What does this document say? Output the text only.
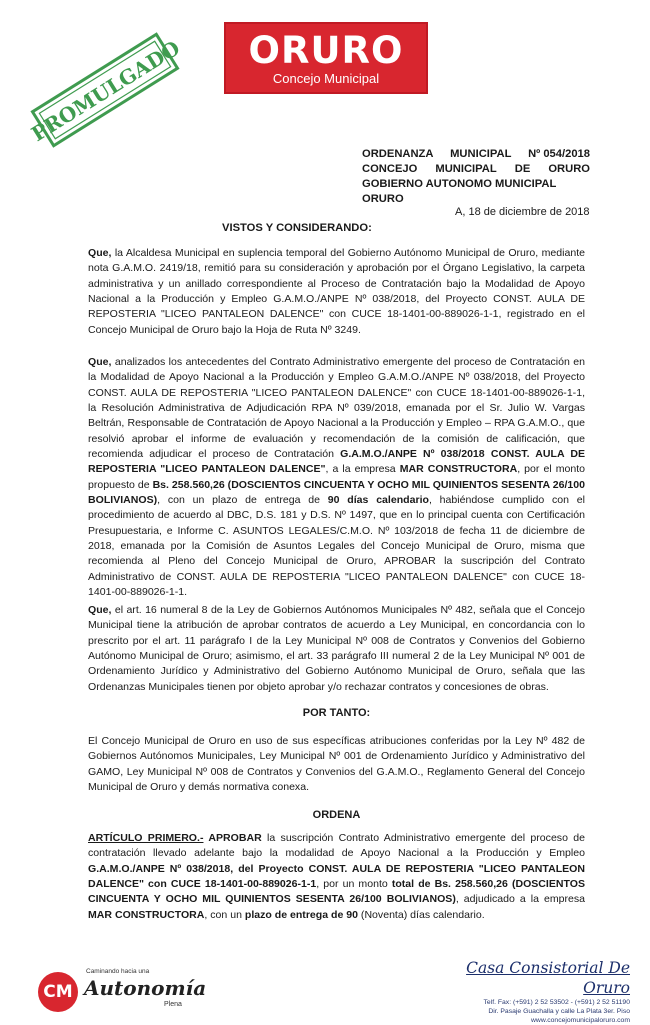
PROMULGADO	ORURO
Concejo Municipal
ORDENANZA MUNICIPAL Nº 054/2018
CONCEJO MUNICIPAL DE ORURO
GOBIERNO AUTONOMO MUNICIPAL ORURO
A, 18 de diciembre de 2018
VISTOS Y CONSIDERANDO:
Que, la Alcaldesa Municipal en suplencia temporal del Gobierno Autónomo Municipal de Oruro, mediante nota G.A.M.O. 2419/18, remitió para su consideración y aprobación por el Órgano Legislativo, la carpeta administrativa y un anillado correspondiente al Proceso de Contratación bajo la Modalidad de Apoyo Nacional a la Producción y Empleo G.A.M.O./ANPE Nº 038/2018, del Proyecto CONST. AULA DE REPOSTERIA "LICEO PANTALEON DALENCE" con CUCE 18-1401-00-889026-1-1, registrado en el Concejo Municipal de Oruro bajo la Hoja de Ruta Nº 3249.
Que, analizados los antecedentes del Contrato Administrativo emergente del proceso de Contratación en la Modalidad de Apoyo Nacional a la Producción y Empleo G.A.M.O./ANPE Nº 038/2018, del Proyecto CONST. AULA DE REPOSTERIA "LICEO PANTALEON DALENCE" con CUCE 18-1401-00-889026-1-1, la Resolución Administrativa de Adjudicación RPA Nº 039/2018, emanada por el Sr. Julio W. Vargas Beltrán, Responsable de Contratación de Apoyo Nacional a la Producción y Empleo – RPA G.A.M.O., que resolvió aprobar el informe de evaluación y recomendación de la comisión de calificación, que recomienda adjudicar el proceso de Contratación G.A.M.O./ANPE Nº 038/2018 CONST. AULA DE REPOSTERIA "LICEO PANTALEON DALENCE", a la empresa MAR CONSTRUCTORA, por el monto propuesto de Bs. 258.560,26 (DOSCIENTOS CINCUENTA Y OCHO MIL QUINIENTOS SESENTA 26/100 BOLIVIANOS), con un plazo de entrega de 90 días calendario, habiéndose cumplido con el procedimiento de acuerdo al DBC, D.S. 181 y D.S. Nº 1497, que en lo principal cuenta con Certificación Presupuestaria, e Informe C. ASUNTOS LEGALES/C.M.O. Nº 103/2018 de fecha 11 de diciembre de 2018, emanada por la Comisión de Asuntos Legales del Concejo Municipal de Oruro, misma que recomienda al Pleno del Concejo Municipal de Oruro, APROBAR la suscripción del Contrato Administrativo de CONST. AULA DE REPOSTERIA "LICEO PANTALEON DALENCE" con CUCE 18-1401-00-889026-1-1.
Que, el art. 16 numeral 8 de la Ley de Gobiernos Autónomos Municipales Nº 482, señala que el Concejo Municipal tiene la atribución de aprobar contratos de acuerdo a Ley Municipal, en concordancia con lo prescrito por el art. 11 parágrafo I de la Ley Municipal Nº 008 de Contratos y Convenios del Gobierno Autónomo Municipal de Oruro; asimismo, el art. 33 parágrafo III numeral 2 de la Ley Municipal Nº 001 de Ordenamiento Jurídico y Administrativo del Gobierno Autónomo Municipal de Oruro, señala que las Ordenanzas Municipales tienen por objeto aprobar y/o rechazar contratos y concesiones de obras.
POR TANTO:
El Concejo Municipal de Oruro en uso de sus específicas atribuciones conferidas por la Ley Nº 482 de Gobiernos Autónomos Municipales, Ley Municipal Nº 001 de Ordenamiento Jurídico y Administrativo del GAMO, Ley Municipal Nº 008 de Contratos y Convenios del G.A.M.O., Reglamento General del Concejo Municipal de Oruro y demás normativa conexa.
ORDENA
ARTÍCULO PRIMERO.- APROBAR la suscripción Contrato Administrativo emergente del proceso de contratación llevado adelante bajo la modalidad de Apoyo Nacional a la Producción y Empleo G.A.M.O./ANPE Nº 038/2018, del Proyecto CONST. AULA DE REPOSTERIA "LICEO PANTALEON DALENCE" con CUCE 18-1401-00-889026-1-1, por un monto total de Bs. 258.560,26 (DOSCIENTOS CINCUENTA Y OCHO MIL QUINIENTOS SESENTA 26/100 BOLIVIANOS), adjudicado a la empresa MAR CONSTRUCTORA, con un plazo de entrega de 90 (Noventa) días calendario.
CM
Caminando hacia una
Autonomía
Plena
Casa Consistorial De Oruro
Telf. Fax: (+591) 2 52 53502 - (+591) 2 52 51190
Dir. Pasaje Guachalla y calle La Plata 3er. Piso
www.concejomunicipaloruro.com
